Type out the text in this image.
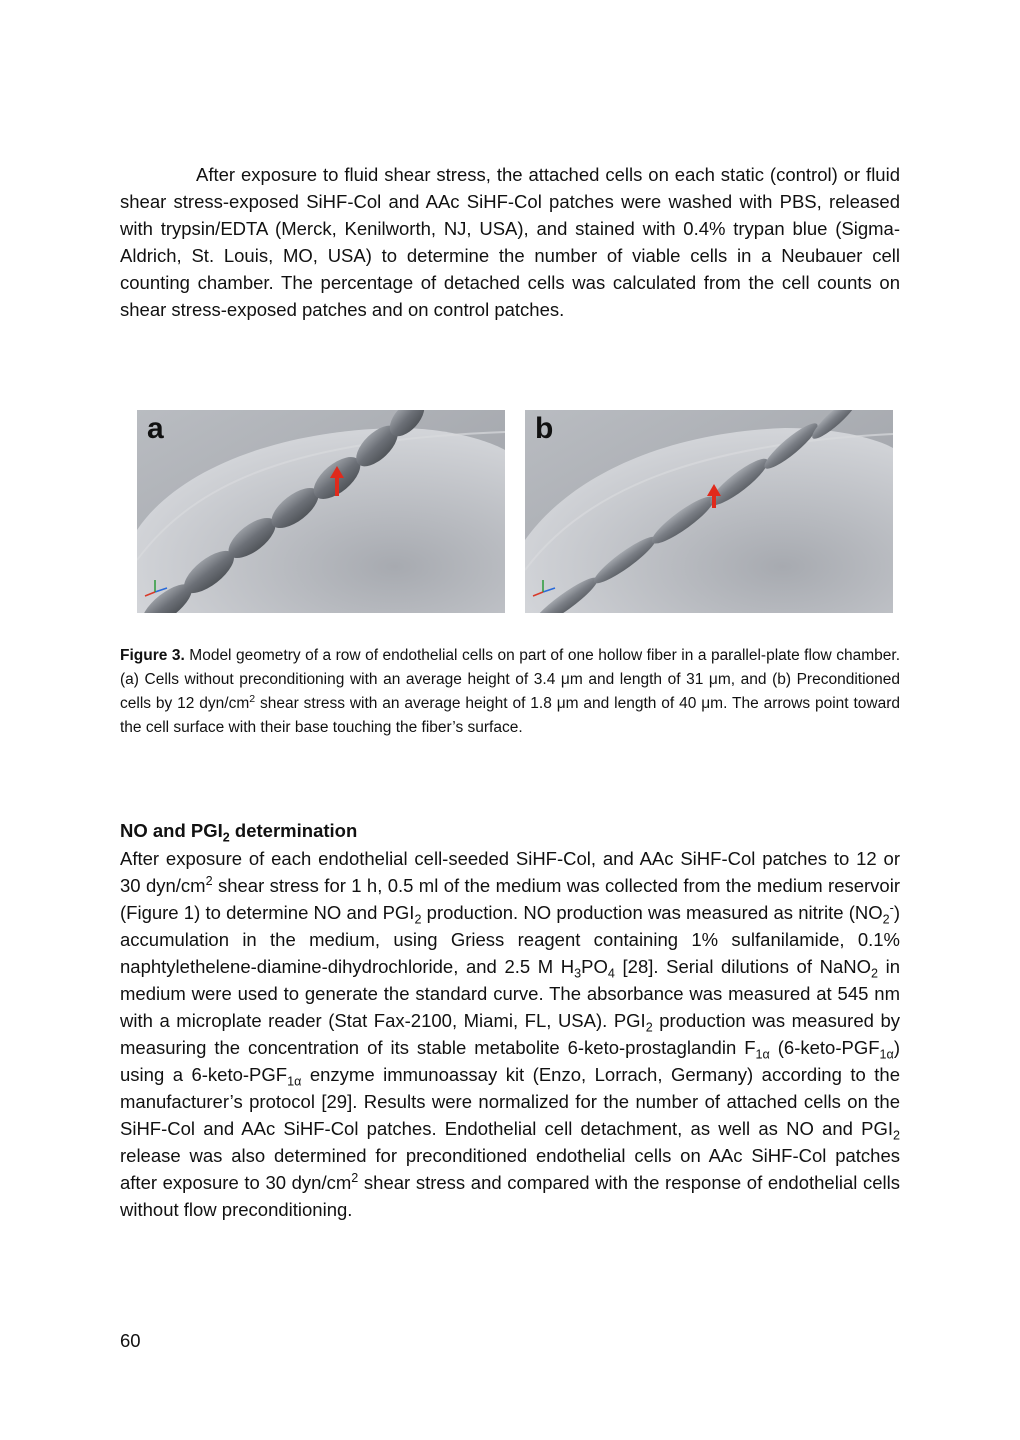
After exposure to fluid shear stress, the attached cells on each static (control) or fluid shear stress-exposed SiHF-Col and AAc SiHF-Col patches were washed with PBS, released with trypsin/EDTA (Merck, Kenilworth, NJ, USA), and stained with 0.4% trypan blue (Sigma-Aldrich, St. Louis, MO, USA) to determine the number of viable cells in a Neubauer cell counting chamber. The percentage of detached cells was calculated from the cell counts on shear stress-exposed patches and on control patches.

a	b

Figure 3. Model geometry of a row of endothelial cells on part of one hollow fiber in a parallel-plate flow chamber. (a) Cells without preconditioning with an average height of 3.4 μm and length of 31 μm, and (b) Preconditioned cells by 12 dyn/$cm^2$ shear stress with an average height of 1.8 μm and length of 40 μm. The arrows point toward the cell surface with their base touching the fiber’s surface.

NO and $PGI_2$ determination

After exposure of each endothelial cell-seeded SiHF-Col, and AAc SiHF-Col patches to 12 or 30 dyn/$cm^2$ shear stress for 1 h, 0.5 ml of the medium was collected from the medium reservoir (Figure 1) to determine NO and $PGI_2$ production. NO production was measured as nitrite $(NO_2^-)$ accumulation in the medium, using Griess reagent containing 1% sulfanilamide, 0.1% naphtylethelene-diamine-dihydrochloride, and 2.5 M $H_3PO_4$ [28]. Serial dilutions of NaNO$_2$ in medium were used to generate the standard curve. The absorbance was measured at 545 nm with a microplate reader (Stat Fax-2100, Miami, FL, USA). $PGI_2$ production was measured by measuring the concentration of its stable metabolite 6-keto-prostaglandin $F_{1\alpha}$ $(6-keto-PGF_{1\alpha})$ using a $6-keto-PGF_{1\alpha}$ enzyme immunoassay kit (Enzo, Lorrach, Germany) according to the manufacturer’s protocol [29]. Results were normalized for the number of attached cells on the SiHF-Col and AAc SiHF-Col patches. Endothelial cell detachment, as well as NO and $PGI_2$ release was also determined for preconditioned endothelial cells on AAc SiHF-Col patches after exposure to 30 dyn/$cm^2$ shear stress and compared with the response of endothelial cells without flow preconditioning.

60
